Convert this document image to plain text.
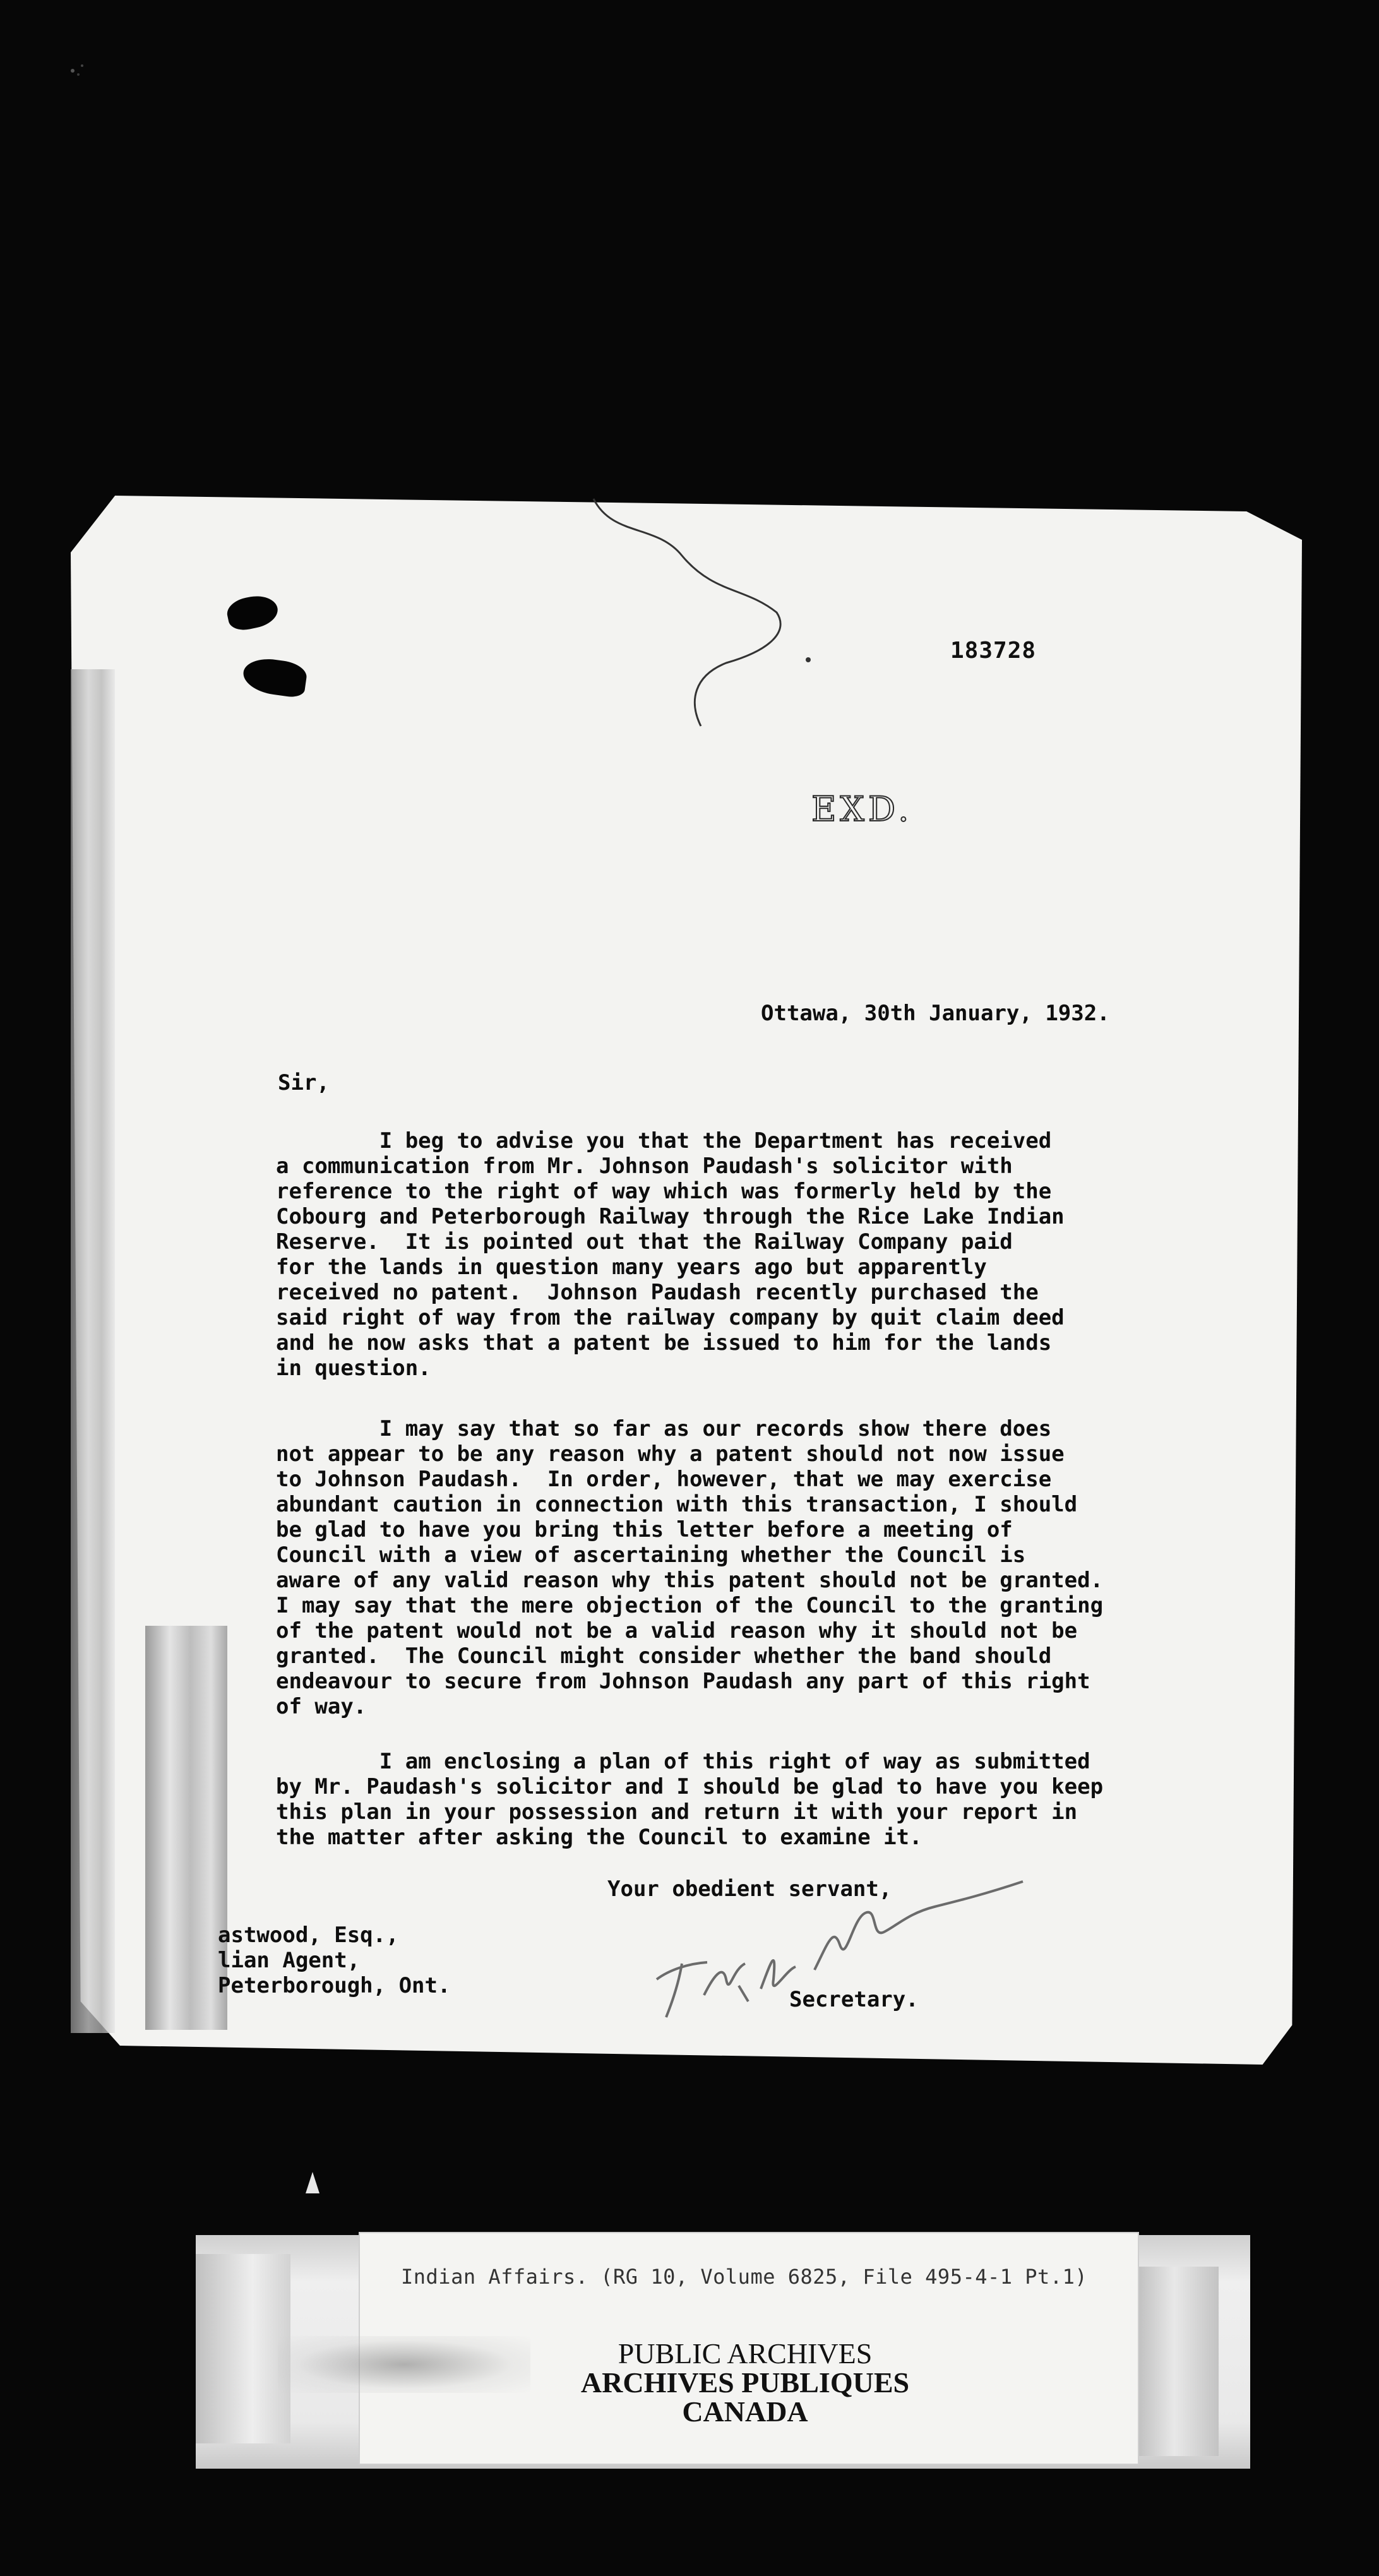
183728
EXD.
Ottawa, 30th January, 1932.
Sir,
I beg to advise you that the Department has received
a communication from Mr. Johnson Paudash's solicitor with
reference to the right of way which was formerly held by the
Cobourg and Peterborough Railway through the Rice Lake Indian
Reserve.  It is pointed out that the Railway Company paid
for the lands in question many years ago but apparently
received no patent.  Johnson Paudash recently purchased the
said right of way from the railway company by quit claim deed
and he now asks that a patent be issued to him for the lands
in question.
I may say that so far as our records show there does
not appear to be any reason why a patent should not now issue
to Johnson Paudash.  In order, however, that we may exercise
abundant caution in connection with this transaction, I should
be glad to have you bring this letter before a meeting of
Council with a view of ascertaining whether the Council is
aware of any valid reason why this patent should not be granted.
I may say that the mere objection of the Council to the granting
of the patent would not be a valid reason why it should not be
granted.  The Council might consider whether the band should
endeavour to secure from Johnson Paudash any part of this right
of way.
I am enclosing a plan of this right of way as submitted
by Mr. Paudash's solicitor and I should be glad to have you keep
this plan in your possession and return it with your report in
the matter after asking the Council to examine it.
Your obedient servant,
astwood, Esq.,
lian Agent,
Peterborough, Ont.
Secretary.
Indian Affairs. (RG 10, Volume 6825, File 495-4-1 Pt.1)
PUBLIC ARCHIVES
ARCHIVES PUBLIQUES
CANADA
